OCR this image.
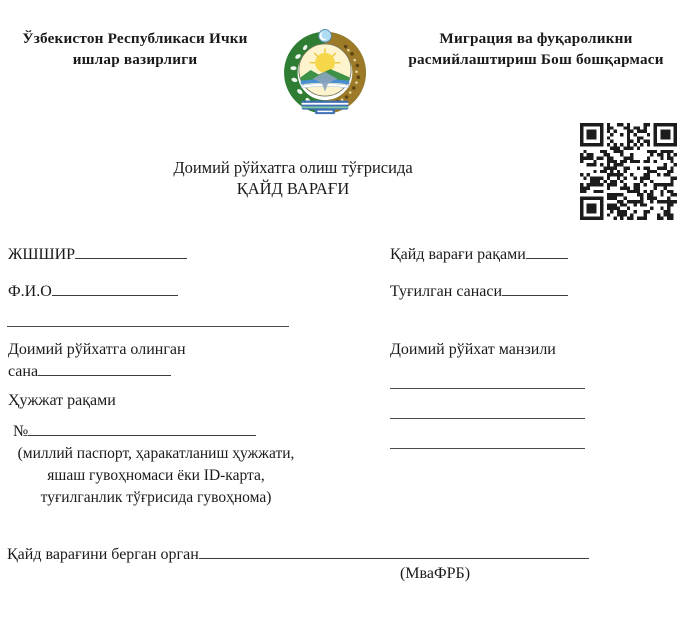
Ўзбекистон Республикаси Ички ишлар вазирлиги
Миграция ва фуқароликни расмийлаштириш Бош бошқармаси
Доимий рўйхатга олиш тўғрисида
ҚАЙД ВАРАҒИ
ЖШШИР
Ф.И.О
Доимий рўйхатга олинган
сана
Ҳужжат рақами
№
(миллий паспорт, ҳаракатланиш ҳужжати,
яшаш гувоҳномаси ёки ID-карта,
туғилганлик тўғрисида гувоҳнома)
Қайд варағи рақами
Туғилган санаси
Доимий рўйхат манзили
Қайд варағини берган орган
(МваФРБ)
